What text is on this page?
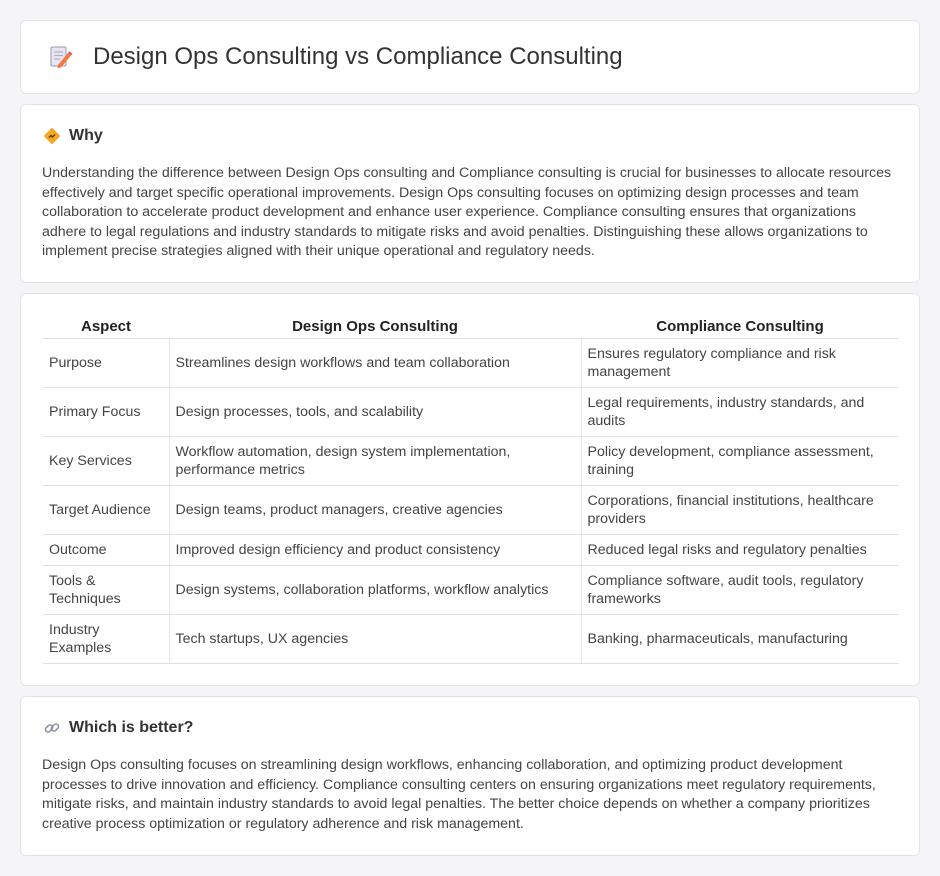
Design Ops Consulting vs Compliance Consulting
Why

Understanding the difference between Design Ops consulting and Compliance consulting is crucial for businesses to allocate resources effectively and target specific operational improvements. Design Ops consulting focuses on optimizing design processes and team collaboration to accelerate product development and enhance user experience. Compliance consulting ensures that organizations adhere to legal regulations and industry standards to mitigate risks and avoid penalties. Distinguishing these allows organizations to implement precise strategies aligned with their unique operational and regulatory needs.

Aspect	Design Ops Consulting	Compliance Consulting
Purpose	Streamlines design workflows and team collaboration	Ensures regulatory compliance and risk management
Primary Focus	Design processes, tools, and scalability	Legal requirements, industry standards, and audits
Key Services	Workflow automation, design system implementation, performance metrics	Policy development, compliance assessment, training
Target Audience	Design teams, product managers, creative agencies	Corporations, financial institutions, healthcare providers
Outcome	Improved design efficiency and product consistency	Reduced legal risks and regulatory penalties
Tools & Techniques	Design systems, collaboration platforms, workflow analytics	Compliance software, audit tools, regulatory frameworks
Industry Examples	Tech startups, UX agencies	Banking, pharmaceuticals, manufacturing
Which is better?

Design Ops consulting focuses on streamlining design workflows, enhancing collaboration, and optimizing product development processes to drive innovation and efficiency. Compliance consulting centers on ensuring organizations meet regulatory requirements, mitigate risks, and maintain industry standards to avoid legal penalties. The better choice depends on whether a company prioritizes creative process optimization or regulatory adherence and risk management.
